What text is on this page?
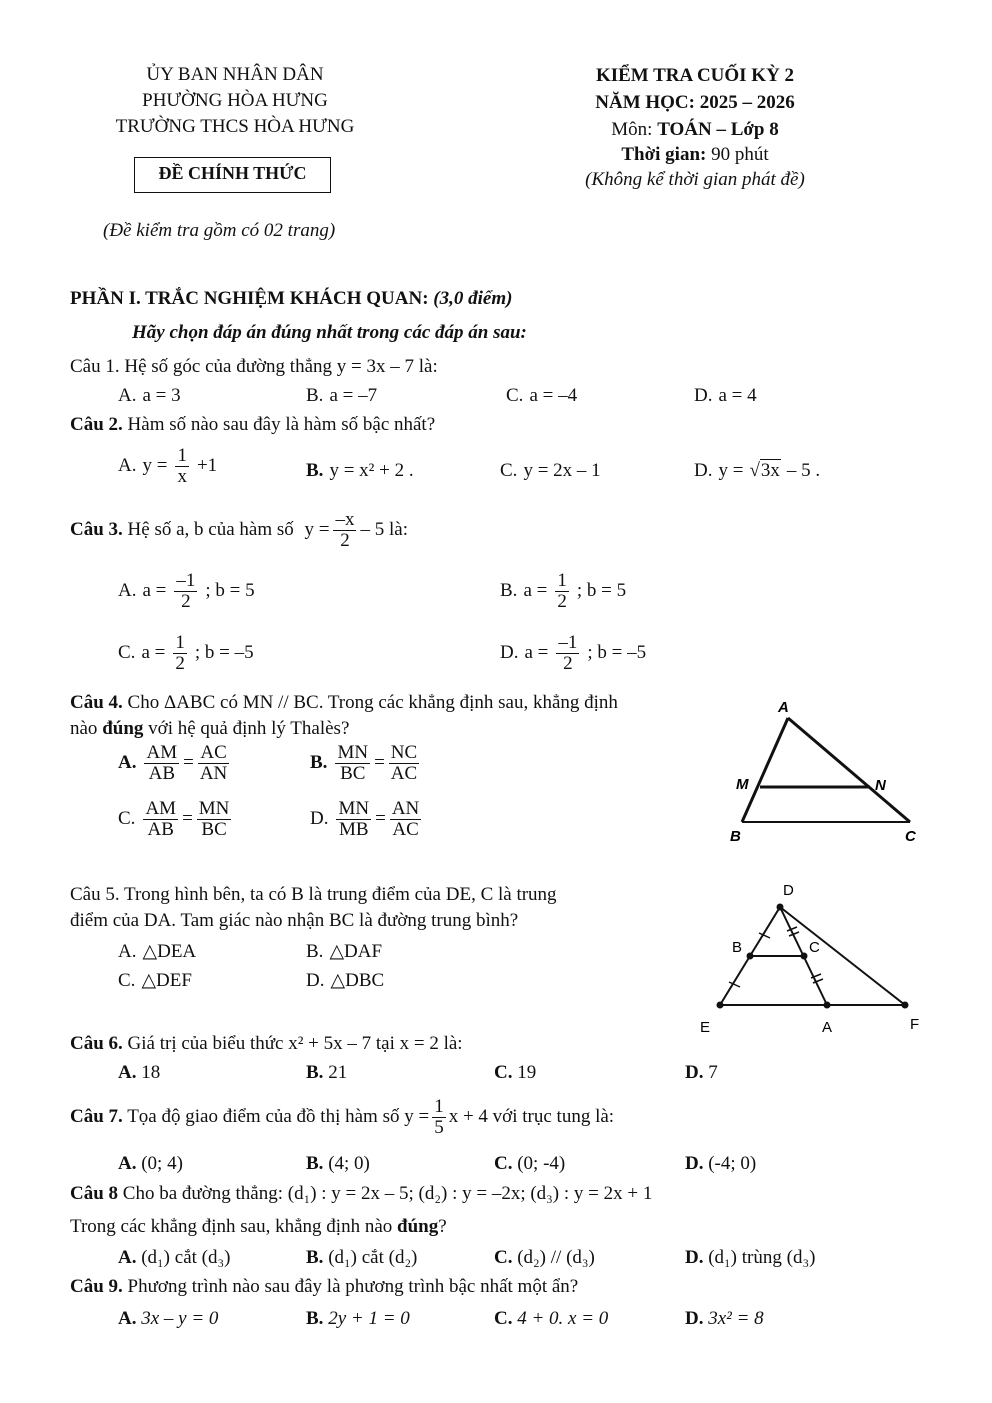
ỦY BAN NHÂN DÂN
PHƯỜNG HÒA HƯNG
TRƯỜNG THCS HÒA HƯNG
ĐỀ CHÍNH THỨC
(Đề kiểm tra gồm có 02 trang)
KIỂM TRA CUỐI KỲ 2
NĂM HỌC: 2025 – 2026
Môn: TOÁN – Lớp 8
Thời gian: 90 phút
(Không kể thời gian phát đề)
PHẦN I. TRẮC NGHIỆM KHÁCH QUAN: (3,0 điểm)
Hãy chọn đáp án đúng nhất trong các đáp án sau:
Câu 1. Hệ số góc của đường thẳng y = 3x – 7 là:
A. a = 3	B. a = –7	C. a = –4	D. a = 4
Câu 2. Hàm số nào sau đây là hàm số bậc nhất?
A. $y = \frac{1}{x} +1$	B. y = x² + 2 .	C. y = 2x – 1	D. y = √3x – 5 .
Câu 3. Hệ số a, b của hàm số $y = \frac{-x}{2} - 5$ là:
A. $a = \frac{-1}{2}$ ; b = 5	B. $a = \frac{1}{2}$ ; b = 5
C. $a = \frac{1}{2}$ ; b = –5	D. $a = \frac{-1}{2}$ ; b = –5
Câu 4. Cho ΔABC có MN // BC. Trong các khẳng định sau, khẳng định
nào đúng với hệ quả định lý Thalès?
A. $\frac{AM}{AB} = \frac{AC}{AN}$	B. $\frac{MN}{BC} = \frac{NC}{AC}$
C. $\frac{AM}{AB} = \frac{MN}{BC}$	D. $\frac{MN}{MB} = \frac{AN}{AC}$
A
M	N
B	C
Câu 5. Trong hình bên, ta có B là trung điểm của DE, C là trung
điểm của DA. Tam giác nào nhận BC là đường trung bình?
A. △DEA	B. △DAF
C. △DEF	D. △DBC
D
B	C
E	A	F
Câu 6. Giá trị của biểu thức x² + 5x – 7 tại x = 2 là:
A. 18	B. 21	C. 19	D. 7
Câu 7. Tọa độ giao điểm của đồ thị hàm số $y = \frac{1}{5}$ x + 4 với trục tung là:
A. (0; 4)	B. (4; 0)	C. (0; -4)	D. (-4; 0)
Câu 8 Cho ba đường thẳng: (d₁) : y = 2x – 5; (d₂) : y = –2x; (d₃) : y = 2x + 1
Trong các khẳng định sau, khẳng định nào đúng?
A. (d₁) cắt (d₃)	B. (d₁) cắt (d₂)	C. (d₂) // (d₃)	D. (d₁) trùng (d₃)
Câu 9. Phương trình nào sau đây là phương trình bậc nhất một ẩn?
A. 3x – y = 0	B. 2y + 1 = 0	C. 4 + 0. x = 0	D. 3x² = 8
